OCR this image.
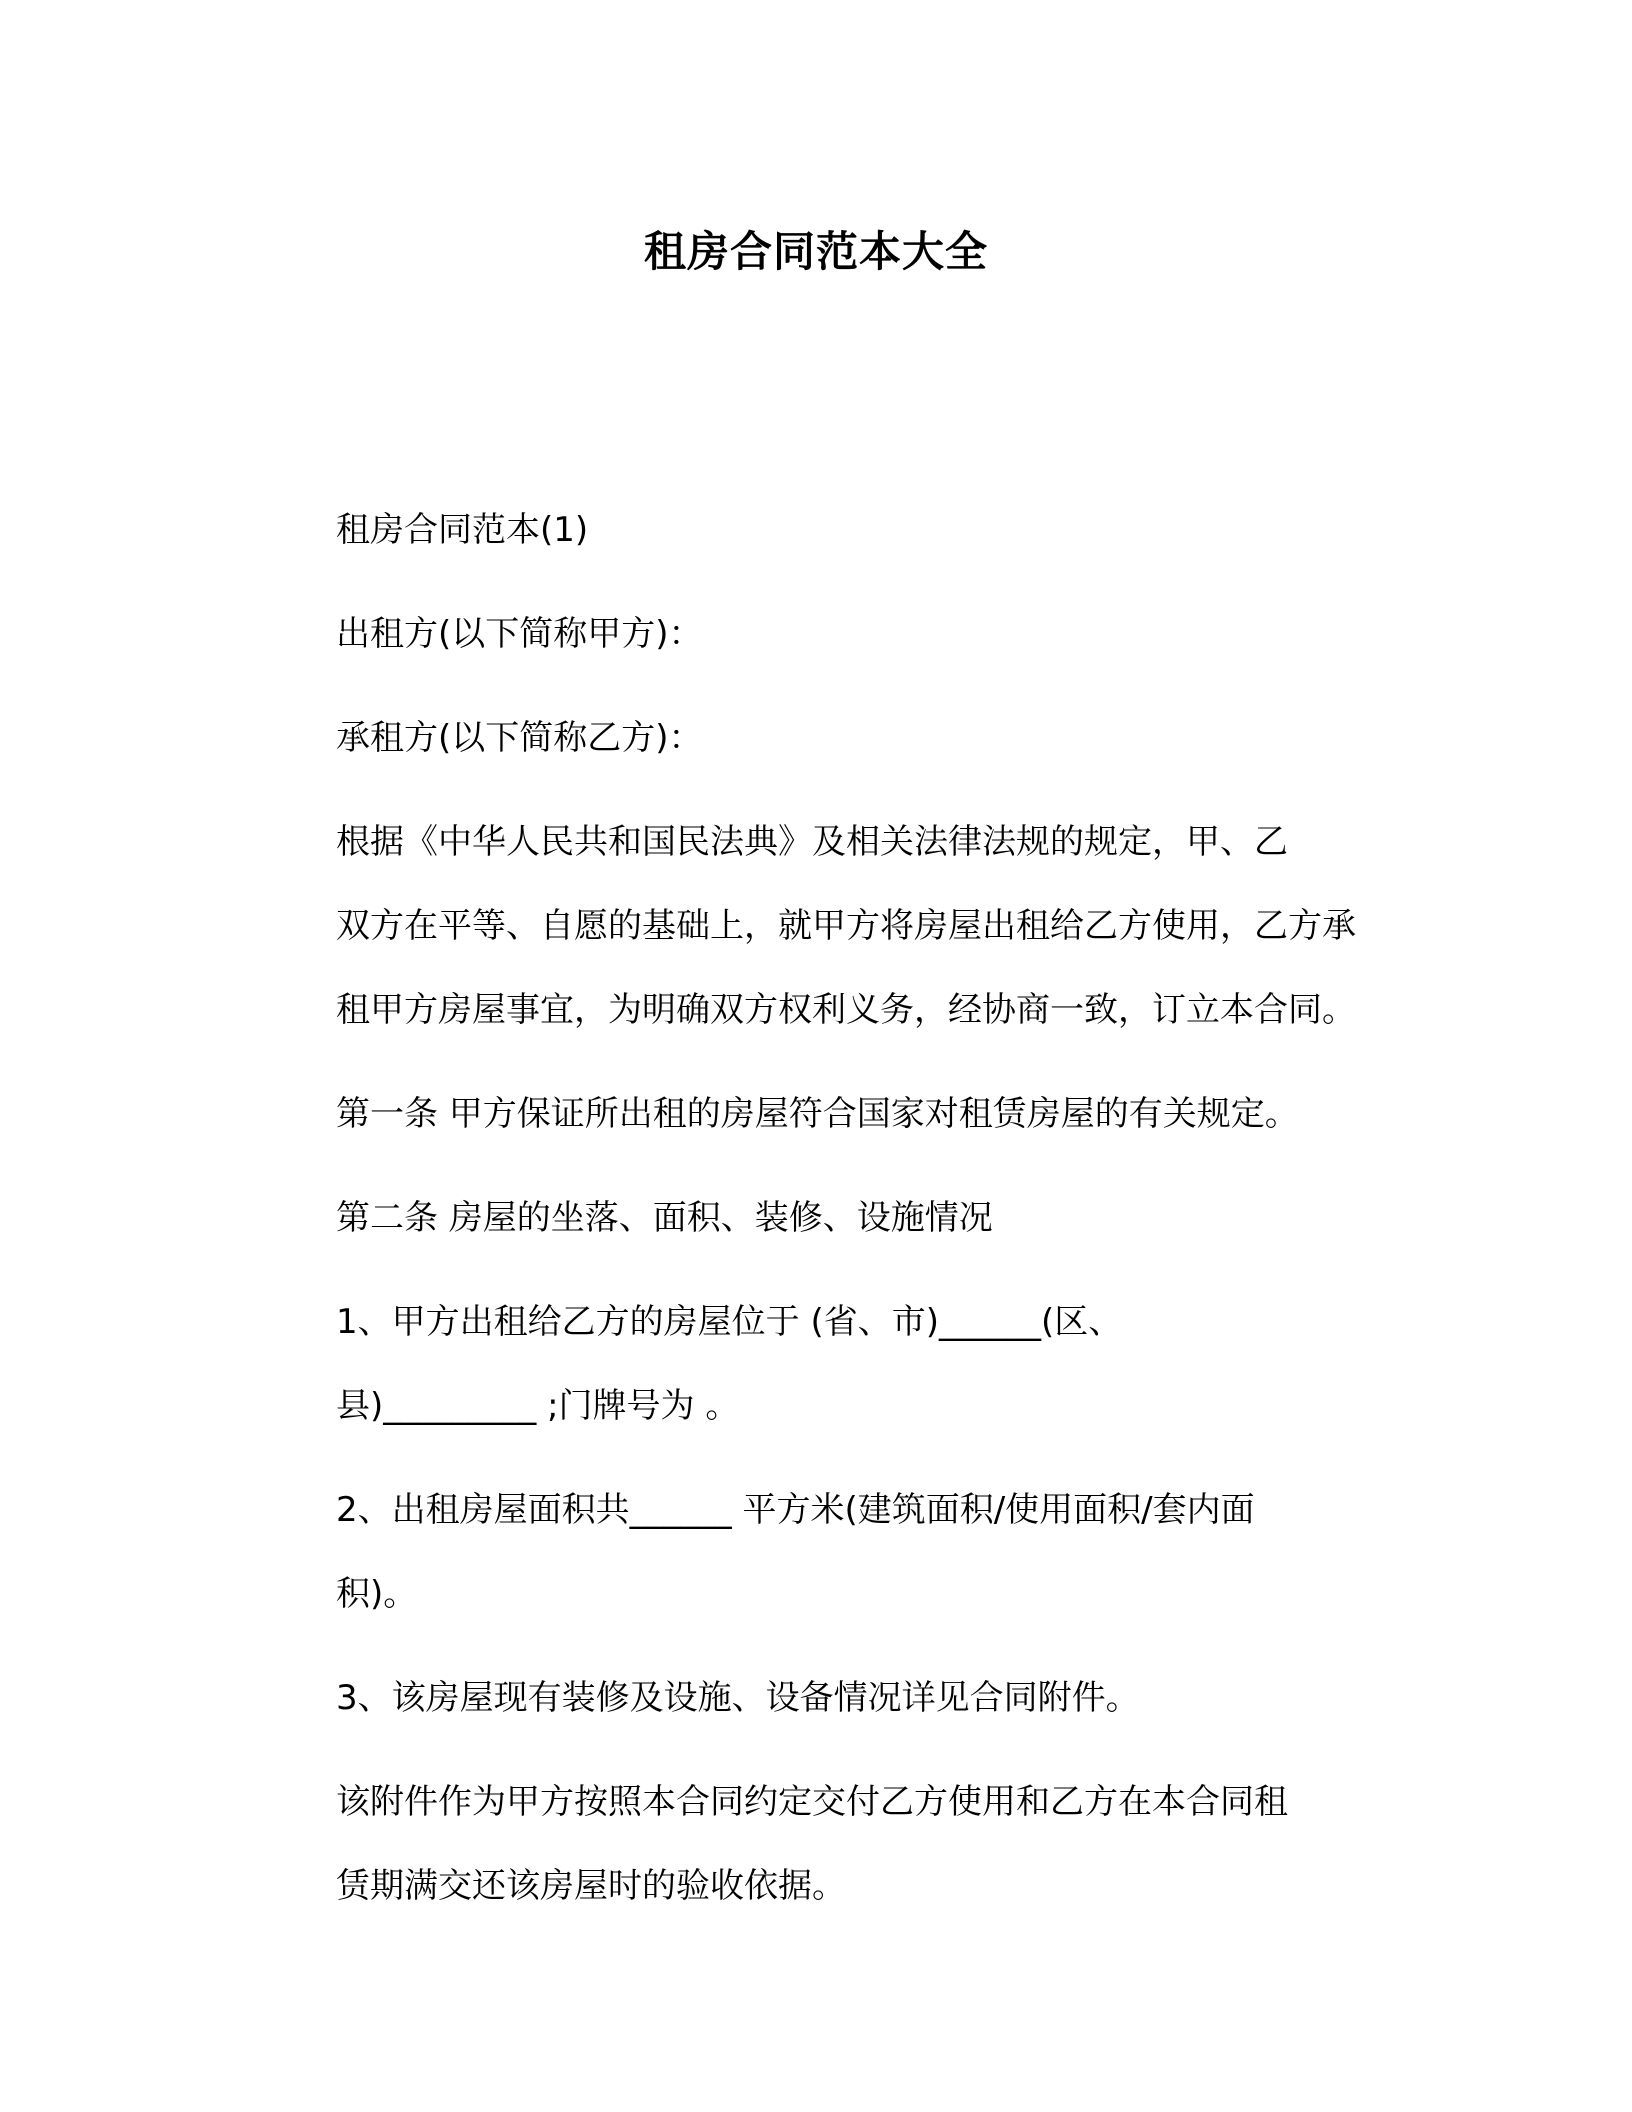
租房合同范本大全

租房合同范本(1)

出租方(以下简称甲方)：

承租方(以下简称乙方)：

根据《中华人民共和国民法典》及相关法律法规的规定，甲、乙
双方在平等、自愿的基础上，就甲方将房屋出租给乙方使用，乙方承
租甲方房屋事宜，为明确双方权利义务，经协商一致，订立本合同。

第一条 甲方保证所出租的房屋符合国家对租赁房屋的有关规定。

第二条 房屋的坐落、面积、装修、设施情况

1、甲方出租给乙方的房屋位于 (省、市)______(区、
县)_________ ;门牌号为 。

2、出租房屋面积共______ 平方米(建筑面积/使用面积/套内面
积)。

3、该房屋现有装修及设施、设备情况详见合同附件。

该附件作为甲方按照本合同约定交付乙方使用和乙方在本合同租
赁期满交还该房屋时的验收依据。
